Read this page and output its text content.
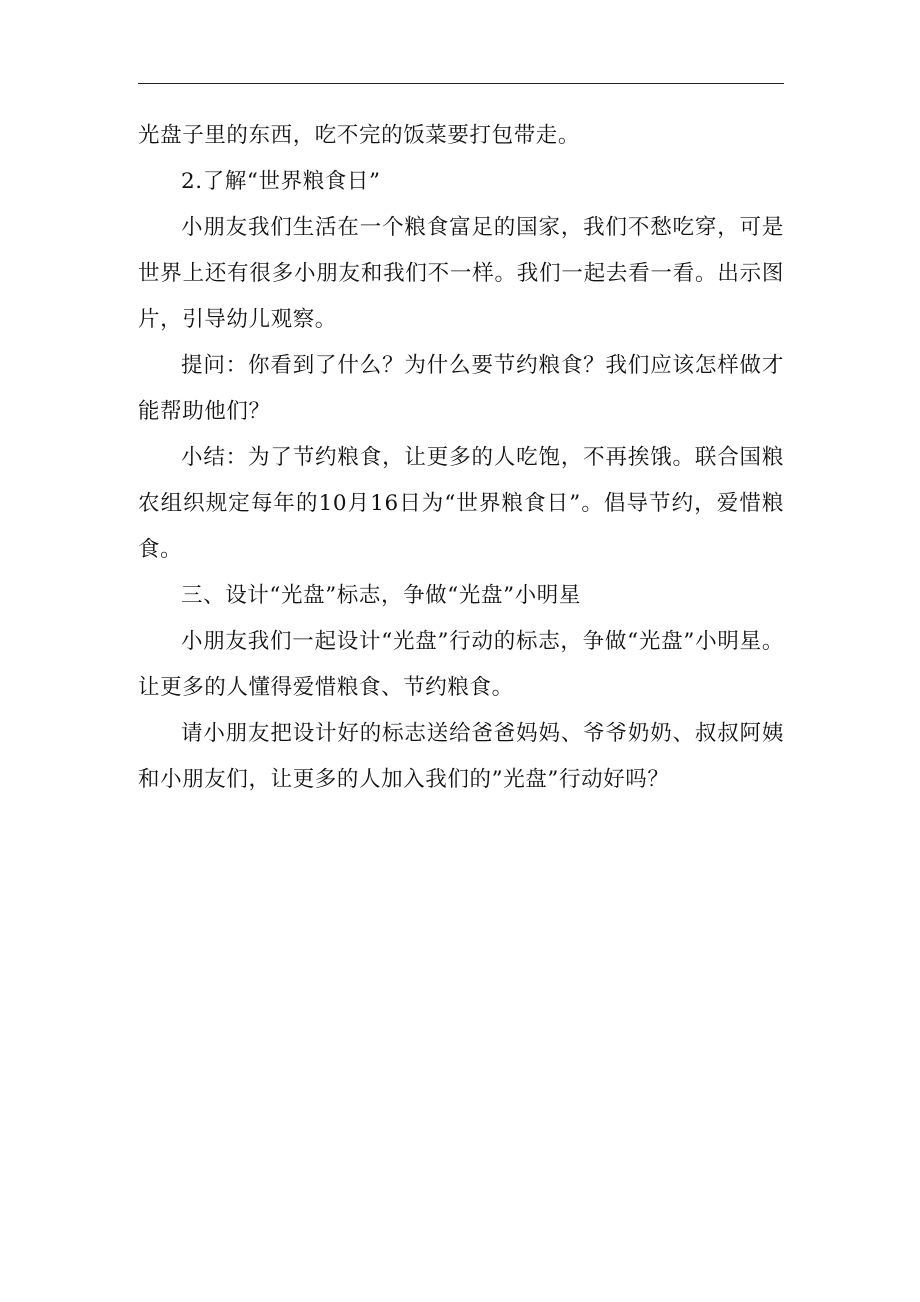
光盘子里的东西，吃不完的饭菜要打包带走。

2.了解“世界粮食日”

小朋友我们生活在一个粮食富足的国家，我们不愁吃穿，可是世界上还有很多小朋友和我们不一样。我们一起去看一看。出示图片，引导幼儿观察。

提问：你看到了什么？为什么要节约粮食？我们应该怎样做才能帮助他们？

小结：为了节约粮食，让更多的人吃饱，不再挨饿。联合国粮农组织规定每年的10月16日为“世界粮食日”。倡导节约，爱惜粮食。

三、设计“光盘”标志，争做“光盘”小明星

小朋友我们一起设计“光盘”行动的标志，争做“光盘”小明星。让更多的人懂得爱惜粮食、节约粮食。

请小朋友把设计好的标志送给爸爸妈妈、爷爷奶奶、叔叔阿姨和小朋友们，让更多的人加入我们的”光盘”行动好吗？
